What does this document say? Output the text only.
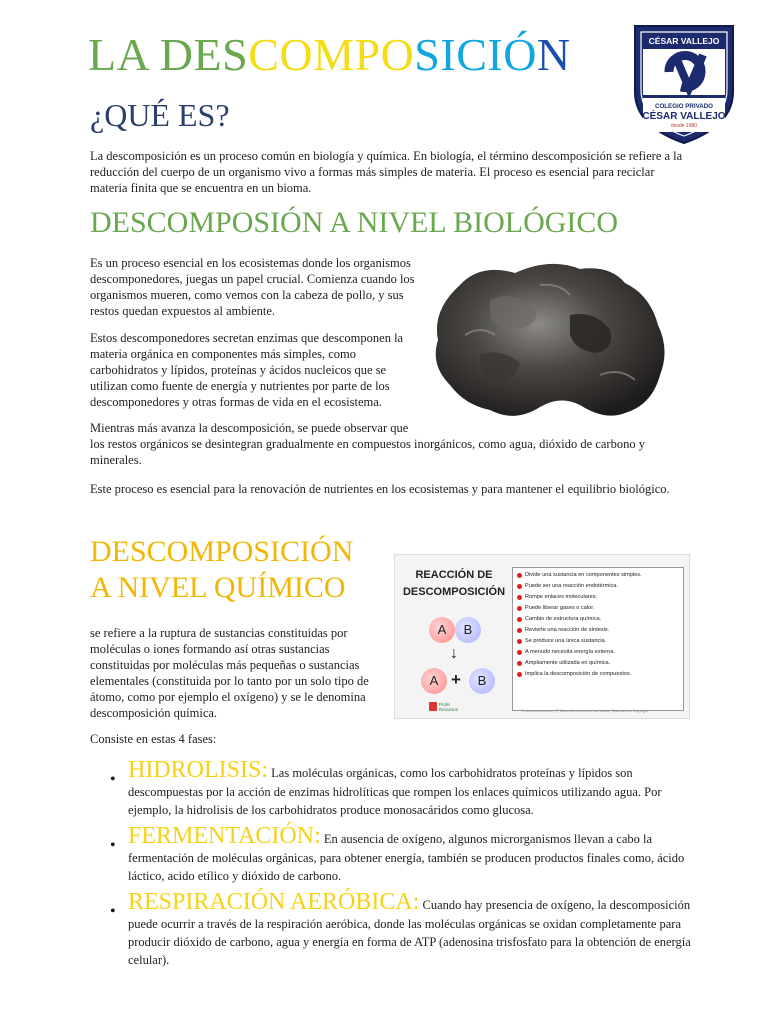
LA DESCOMPOSICIÓN	CÉSAR VALLEJO
COLEGIO PRIVADO
CÉSAR VALLEJO
desde 1980
¿QUÉ ES?
La descomposición es un proceso común en biología y química. En biología, el término descomposición se refiere a la reducción del cuerpo de un organismo vivo a formas más simples de materia. El proceso es esencial para reciclar materia finita que se encuentra en un bioma.
DESCOMPOSIÓN A NIVEL BIOLÓGICO
Es un proceso esencial en los ecosistemas donde los organismos descomponedores, juegas un papel crucial. Comienza cuando los organismos mueren, como vemos con la cabeza de pollo, y sus restos quedan expuestos al ambiente.
Estos descomponedores secretan enzimas que descomponen la materia orgánica en componentes más simples, como carbohidratos y lípidos, proteínas y ácidos nucleicos que se utilizan como fuente de energía y nutrientes por parte de los descomponedores y otras formas de vida en el ecosistema.
Mientras más avanza la descomposición, se puede observar que
los restos orgánicos se desintegran gradualmente en compuestos inorgánicos, como agua, dióxido de carbono y minerales.
Este proceso es esencial para la renovación de nutrientes en los ecosistemas y para mantener el equilibrio biológico.
DESCOMPOSICIÓN
A NIVEL QUÍMICO
se refiere a la ruptura de sustancias constituidas por moléculas o iones formando así otras sustancias constituidas por moléculas más pequeñas o sustancias elementales (constituida por lo tanto por un solo tipo de átomo, como por ejemplo el oxígeno) y se le denomina descomposición química.
REACCIÓN DE
DESCOMPOSICIÓN
A	B
↓
A +	B
Profe
Recursos
Divide una sustancia en componentes simples.
Puede ser una reacción endotérmica.
Rompe enlaces moleculares.
Puede liberar gases o calor.
Cambio de estructura química.
Revierte una reacción de síntesis.
Se produce una única sustancia.
A menudo necesita energía externa.
Ampliamente utilizada en química.
Implica la descomposición de compuestos.
Profesrecursos.com | © Todos los derechos reservados | Material con Copyright
Consiste en estas 4 fases:
• HIDROLISIS: Las moléculas orgánicas, como los carbohidratos proteínas y lípidos son descompuestas por la acción de enzimas hidrolíticas que rompen los enlaces químicos utilizando agua. Por ejemplo, la hidrolisis de los carbohidratos produce monosacáridos como glucosa.
• FERMENTACIÓN: En ausencia de oxígeno, algunos microrganismos llevan a cabo la fermentación de moléculas orgánicas, para obtener energía, también se producen productos finales como, ácido láctico, acido etílico y dióxido de carbono.
• RESPIRACIÓN AERÓBICA: Cuando hay presencia de oxígeno, la descomposición puede ocurrir a través de la respiración aeróbica, donde las moléculas orgánicas se oxidan completamente para producir dióxido de carbono, agua y energía en forma de ATP (adenosina trisfosfato para la obtención de energía celular).
